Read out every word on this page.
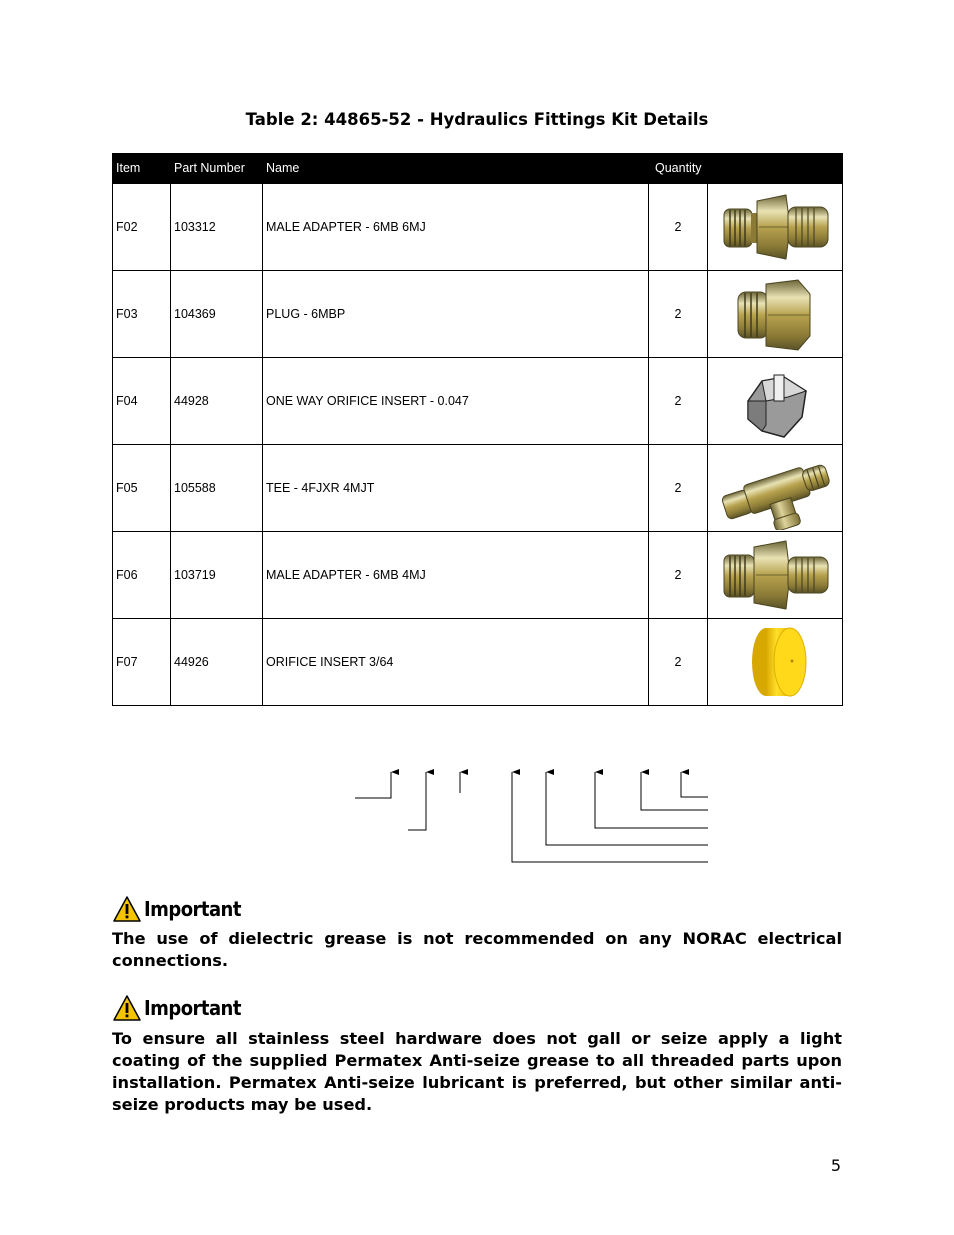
Table 2: 44865-52 - Hydraulics Fittings Kit Details
Item	Part Number	Name	Quantity	
F02	103312	MALE ADAPTER - 6MB 6MJ	2	

F03	104369	PLUG - 6MBP	2	

F04	44928	ONE WAY ORIFICE INSERT - 0.047	2	

F05	105588	TEE - 4FJXR 4MJT	2	

F06	103719	MALE ADAPTER - 6MB 4MJ	2	

F07	44926	ORIFICE INSERT 3/64	2	
Important
The use of dielectric grease is not recommended on any NORAC electrical connections.
Important
To ensure all stainless steel hardware does not gall or seize apply a light coating of the supplied Permatex Anti-seize grease to all threaded parts upon installation. Permatex Anti-seize lubricant is preferred, but other similar anti-seize products may be used.
5
